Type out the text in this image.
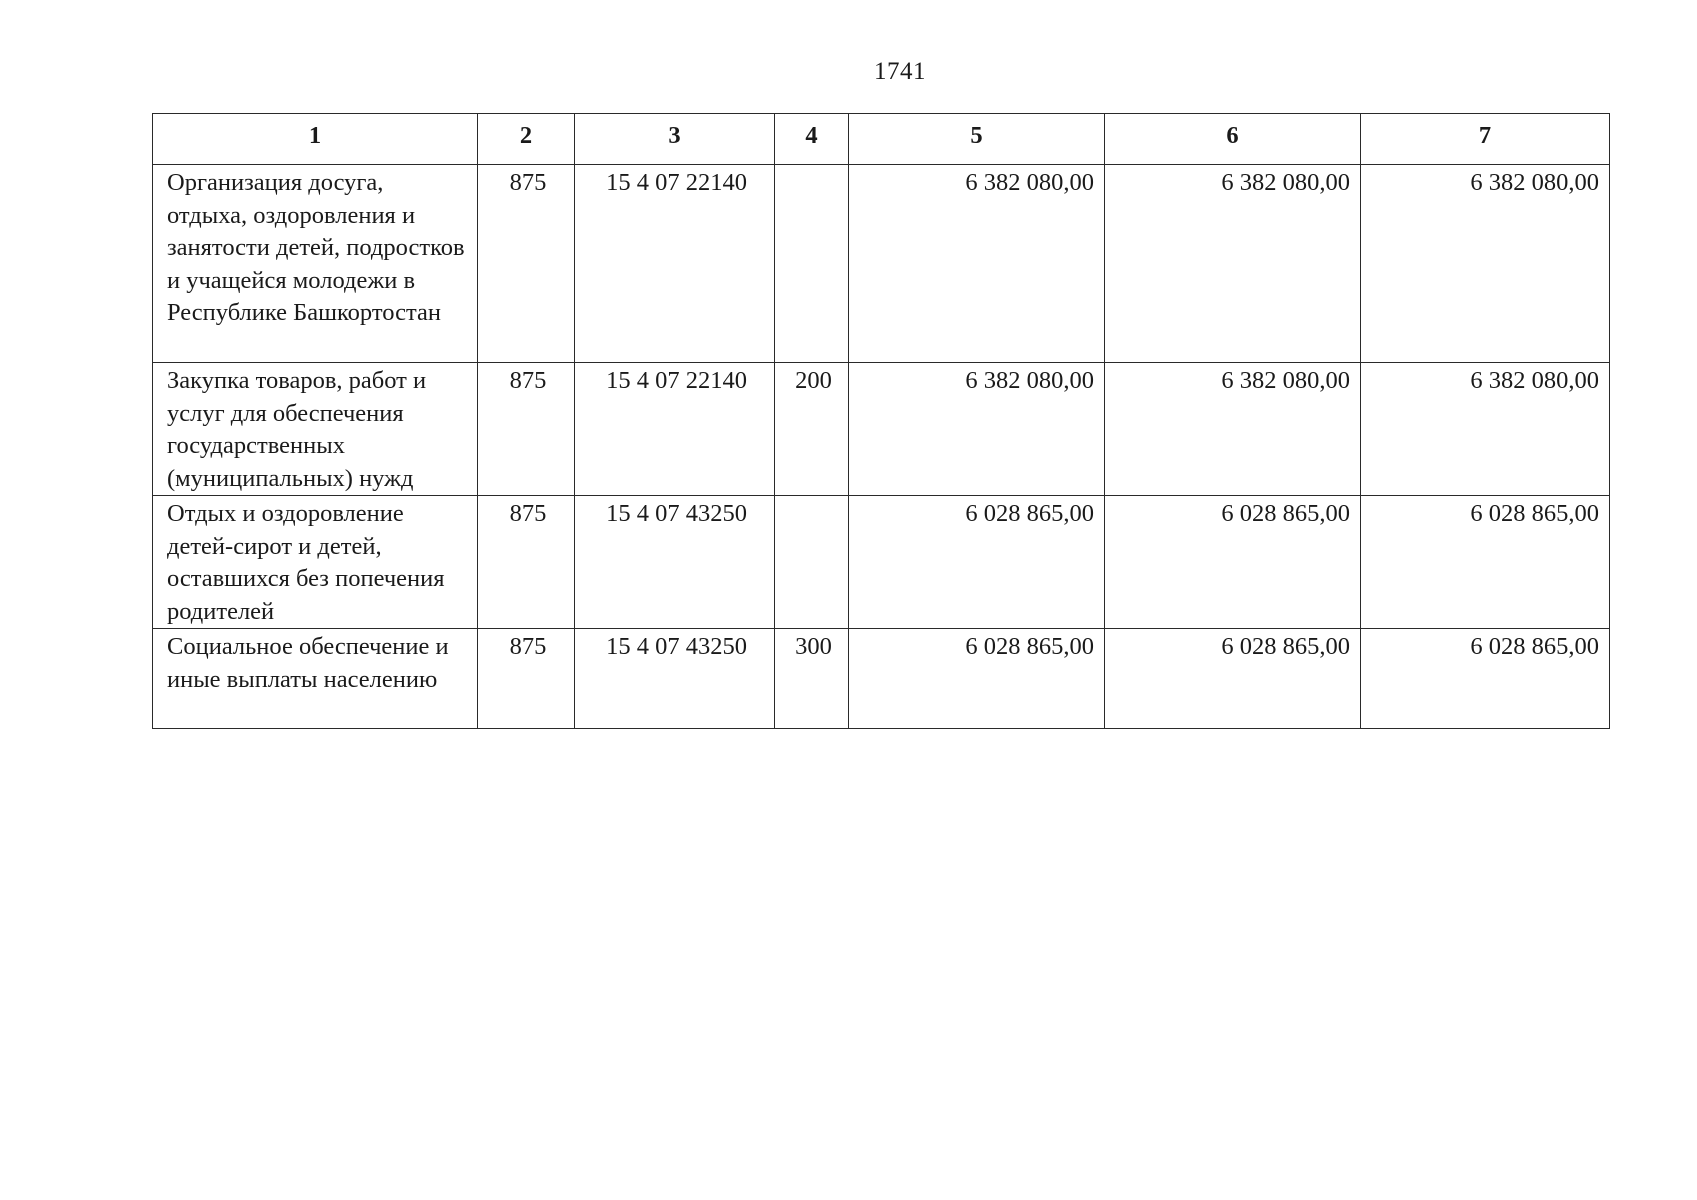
1741
1	2	3	4	5	6	7
Организация досуга, отдыха, оздоровления и занятости детей, подростков и учащейся молодежи в Республике Башкортостан	875	15 4 07 22140		6 382 080,00	6 382 080,00	6 382 080,00
Закупка товаров, работ и услуг для обеспечения государственных (муниципальных) нужд	875	15 4 07 22140	200	6 382 080,00	6 382 080,00	6 382 080,00
Отдых и оздоровление детей-сирот и детей, оставшихся без попечения родителей	875	15 4 07 43250		6 028 865,00	6 028 865,00	6 028 865,00
Социальное обеспечение и иные выплаты населению	875	15 4 07 43250	300	6 028 865,00	6 028 865,00	6 028 865,00
